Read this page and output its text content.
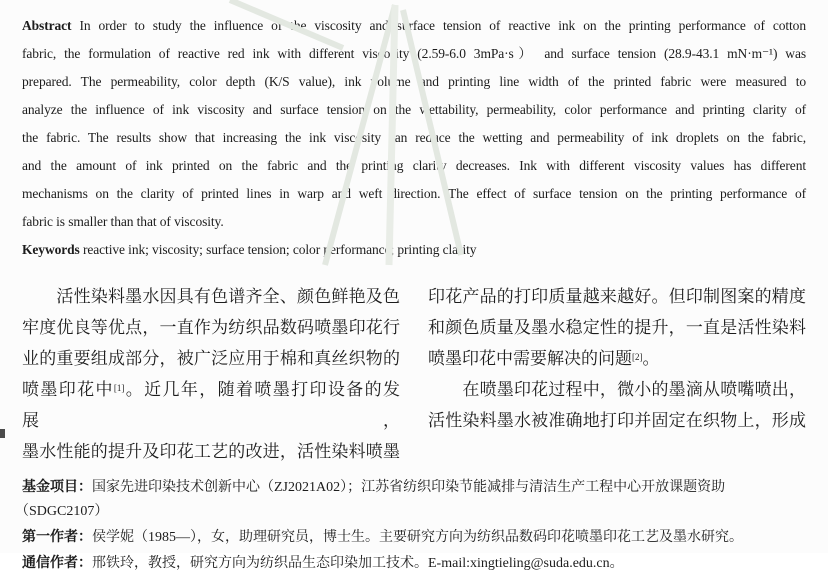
Abstract In order to study the influence of the viscosity and surface tension of reactive ink on the printing performance of cotton
fabric, the formulation of reactive red ink with different viscosity (2.59-6.0 3mPa·s） and surface tension (28.9-43.1 mN·m⁻¹) was
prepared. The permeability, color depth (K/S value), ink volume and printing line width of the printed fabric were measured to
analyze the influence of ink viscosity and surface tension on the wettability, permeability, color performance and printing clarity of
the fabric. The results show that increasing the ink viscosity can reduce the wetting and permeability of ink droplets on the fabric,
and the amount of ink printed on the fabric and the printing clarity decreases. Ink with different viscosity values has different
mechanisms on the clarity of printed lines in warp and weft direction. The effect of surface tension on the printing performance of
fabric is smaller than that of viscosity.
Keywords reactive ink; viscosity; surface tension; color performance; printing clarity
　　活性染料墨水因具有色谱齐全、颜色鲜艳及色
牢度优良等优点，一直作为纺织品数码喷墨印花行
业的重要组成部分，被广泛应用于棉和真丝织物的
喷墨印花中[1]。近几年，随着喷墨打印设备的发展，
墨水性能的提升及印花工艺的改进，活性染料喷墨
印花产品的打印质量越来越好。但印制图案的精度
和颜色质量及墨水稳定性的提升，一直是活性染料
喷墨印花中需要解决的问题[2]。
　　在喷墨印花过程中，微小的墨滴从喷嘴喷出，
活性染料墨水被准确地打印并固定在织物上，形成
基金项目：国家先进印染技术创新中心（ZJ2021A02）；江苏省纺织印染节能减排与清洁生产工程中心开放课题资助
（SDGC2107）
第一作者：侯学妮（1985—），女，助理研究员，博士生。主要研究方向为纺织品数码印花喷墨印花工艺及墨水研究。
通信作者：邢铁玲，教授，研究方向为纺织品生态印染加工技术。E-mail:xingtieling@suda.edu.cn。
